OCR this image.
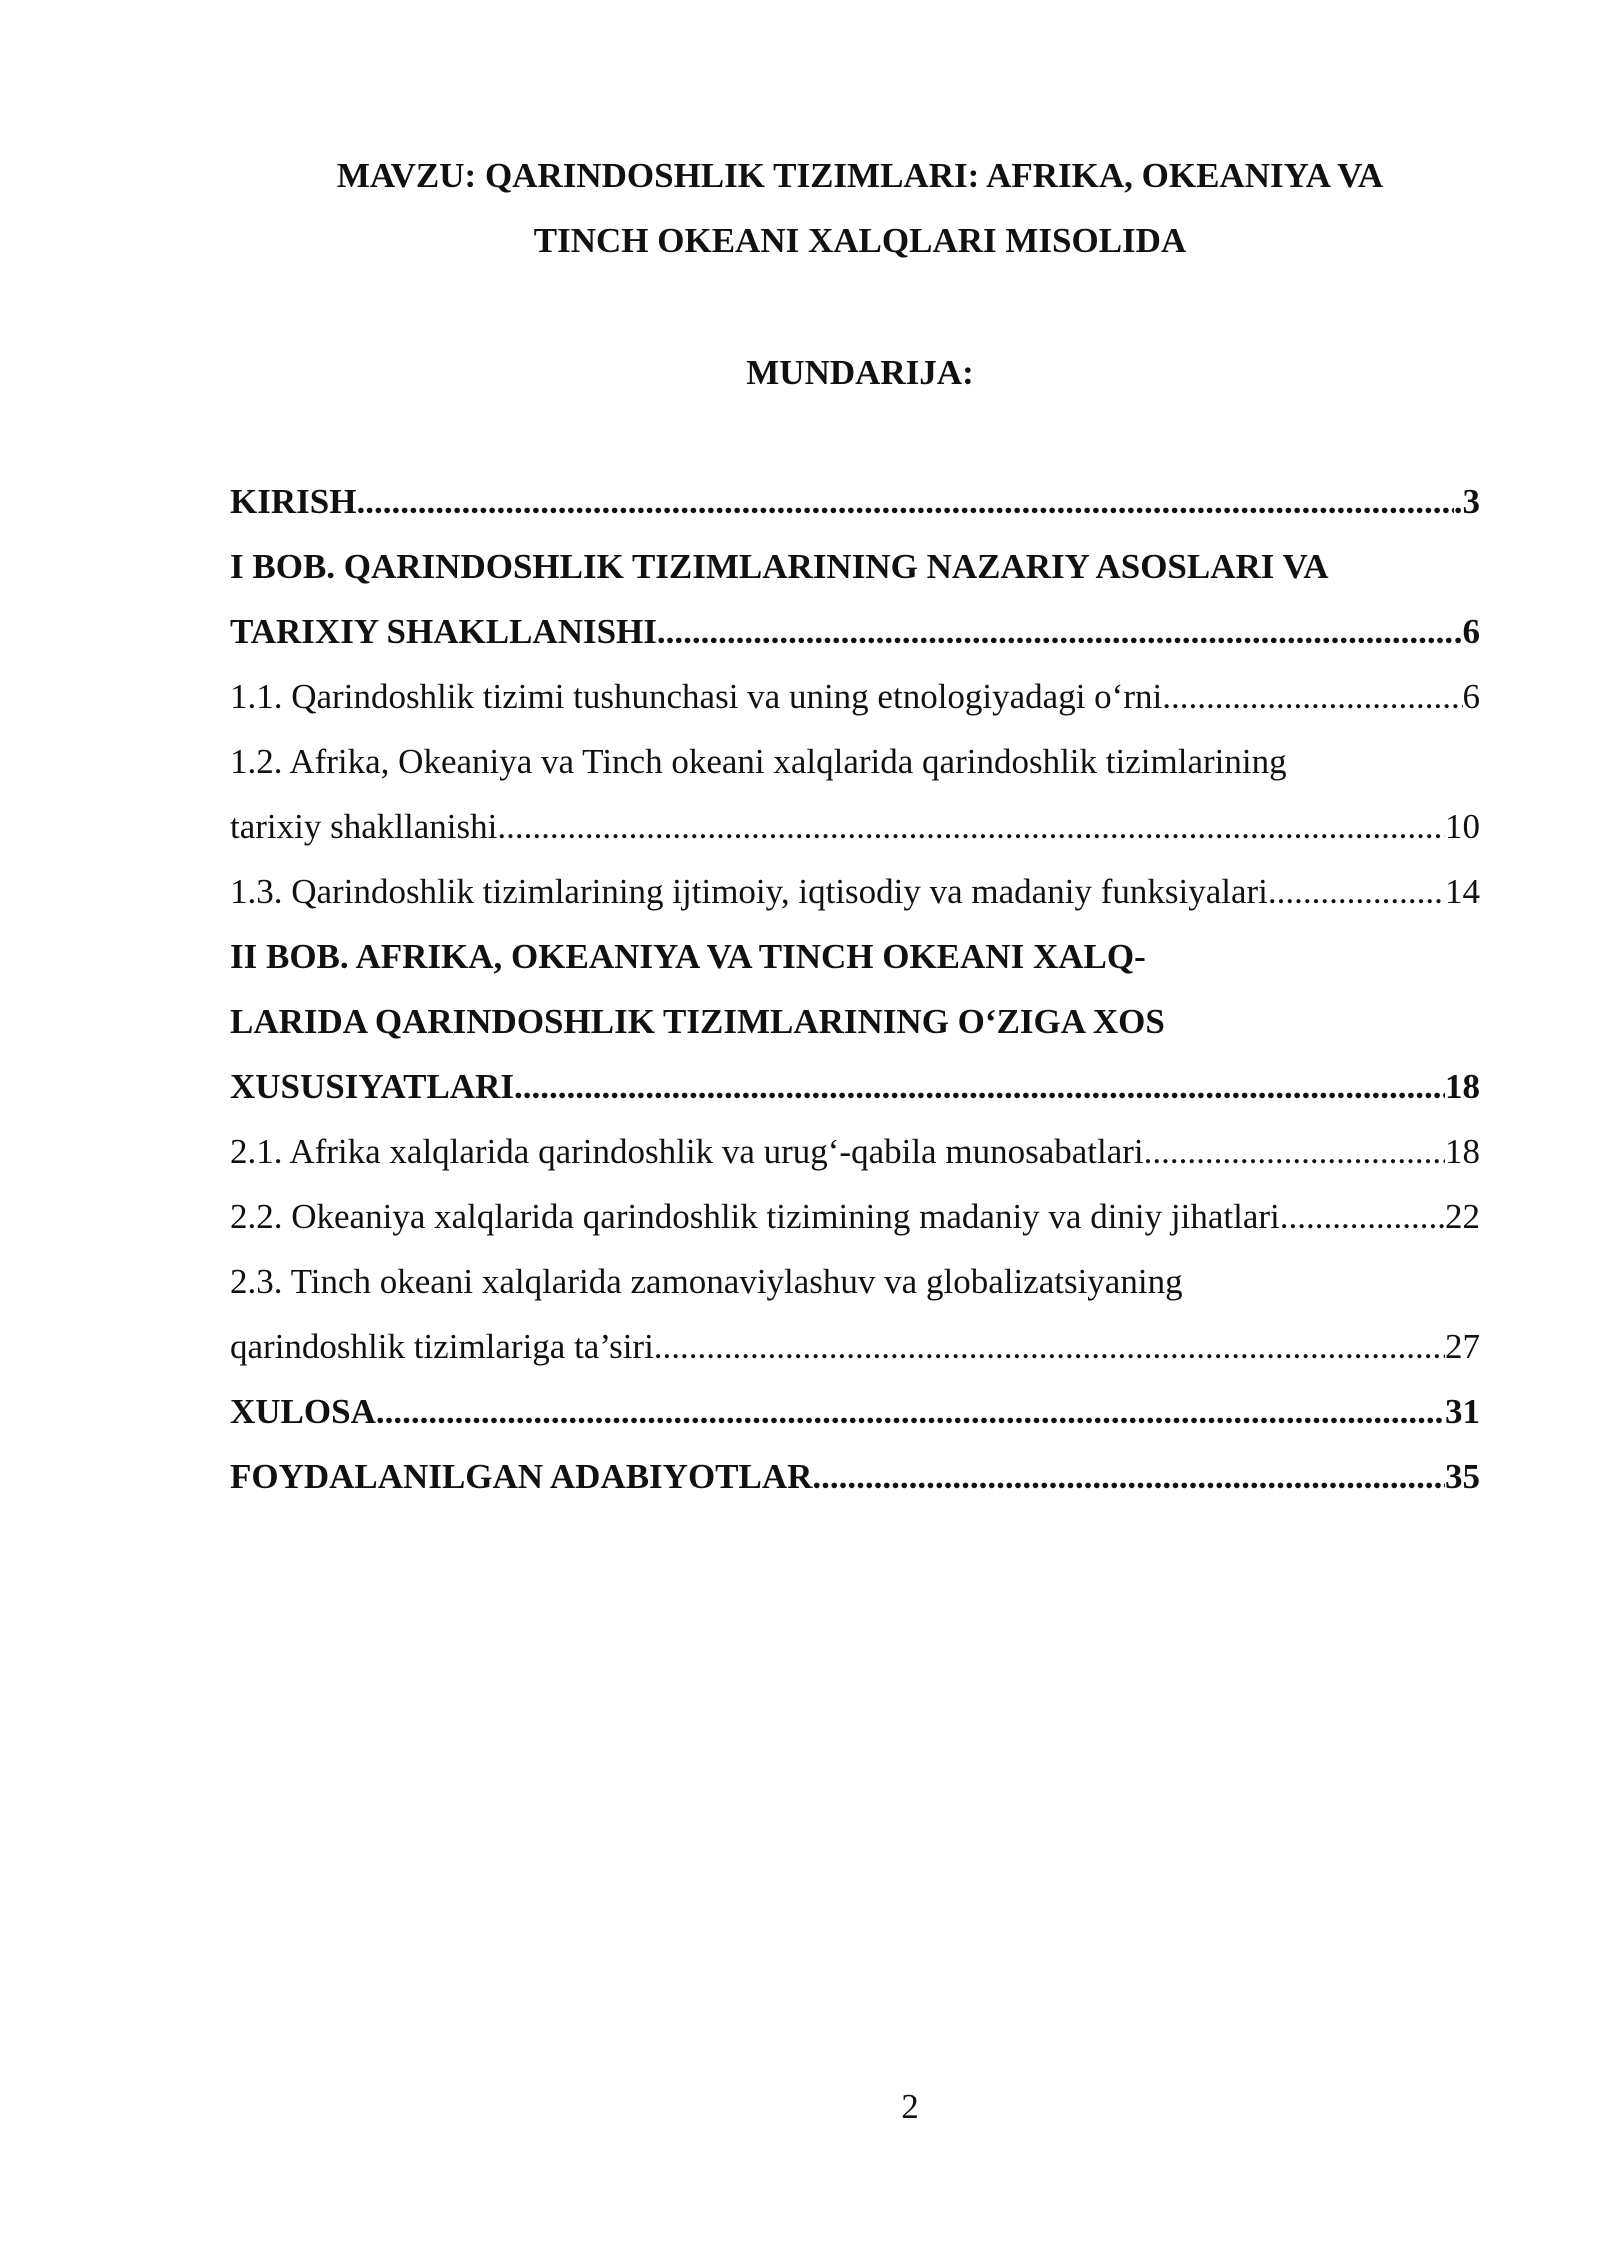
MAVZU: QARINDOSHLIK TIZIMLARI: AFRIKA, OKEANIYA VA
TINCH OKEANI XALQLARI MISOLIDA
MUNDARIJA:
KIRISH .....	.3
I BOB. QARINDOSHLIK TIZIMLARINING NAZARIY ASOSLARI VA
TARIXIY SHAKLLANISHI .....	.6
1.1. Qarindoshlik tizimi tushunchasi va uning etnologiyadagi o‘rni .....	6
1.2. Afrika, Okeaniya va Tinch okeani xalqlarida qarindoshlik tizimlarining
tarixiy shakllanishi .....	10
1.3. Qarindoshlik tizimlarining ijtimoiy, iqtisodiy va madaniy funksiyalari .....	14
II BOB. AFRIKA, OKEANIYA VA TINCH OKEANI XALQ-
LARIDA QARINDOSHLIK TIZIMLARINING O‘ZIGA XOS
XUSUSIYATLARI .....	18
2.1. Afrika xalqlarida qarindoshlik va urug‘-qabila munosabatlari .....	18
2.2. Okeaniya xalqlarida qarindoshlik tizimining madaniy va diniy jihatlari .....	22
2.3. Tinch okeani xalqlarida zamonaviylashuv va globalizatsiyaning
qarindoshlik tizimlariga ta’siri .....	27
XULOSA .....	31
FOYDALANILGAN ADABIYOTLAR .....	35
2
